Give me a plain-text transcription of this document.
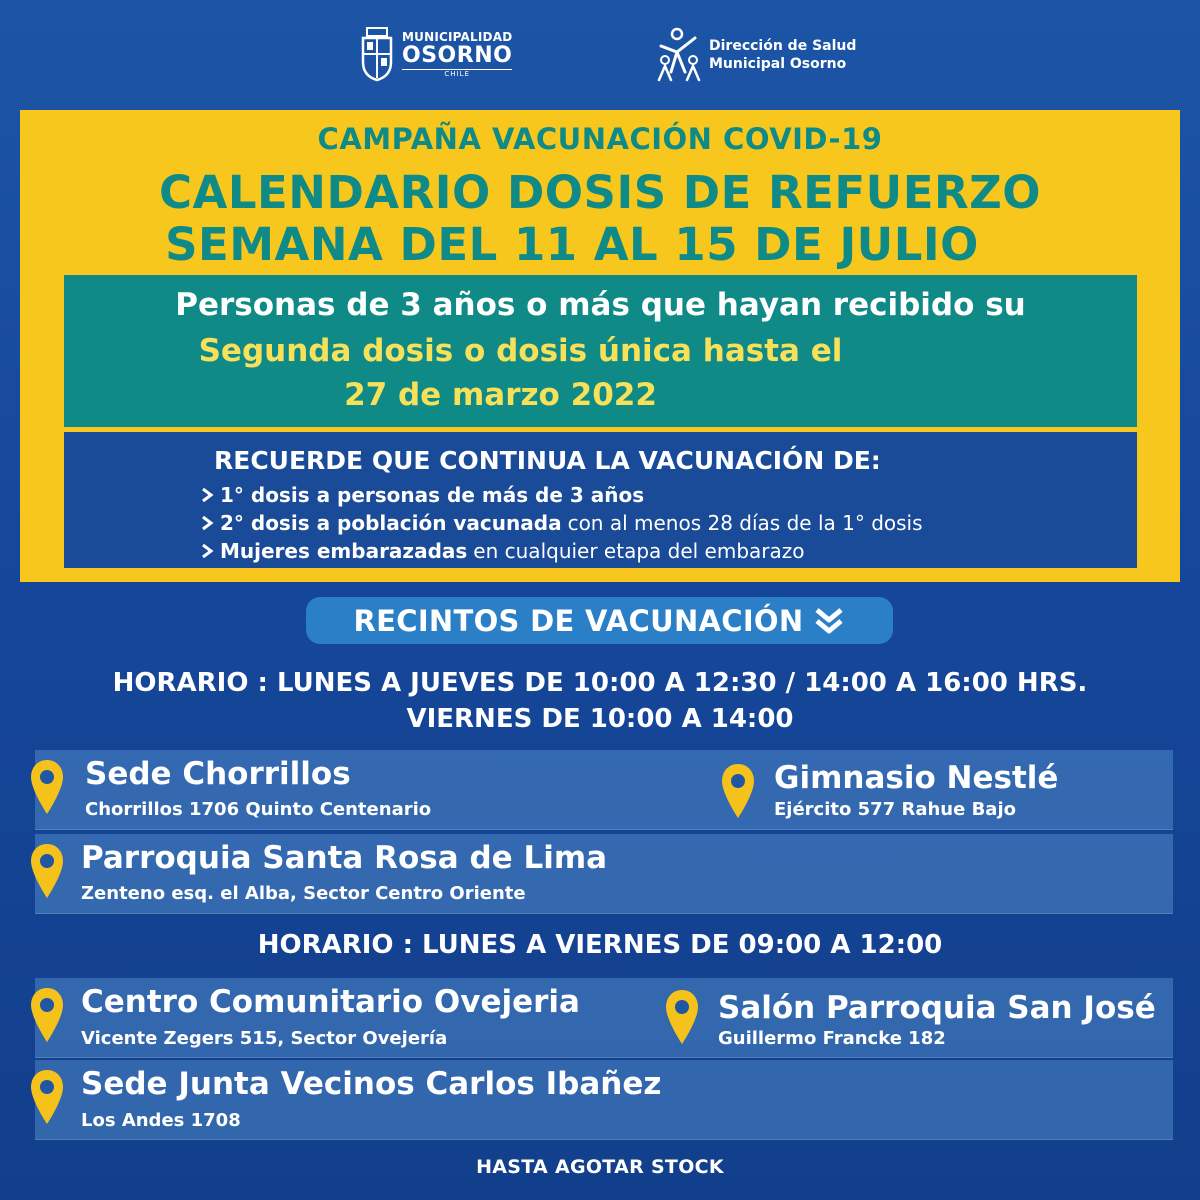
MUNICIPALIDAD
OSORNO
CHILE
Dirección de Salud
Municipal Osorno
CAMPAÑA VACUNACIÓN COVID-19
CALENDARIO DOSIS DE REFUERZO
SEMANA DEL 11 AL 15 DE JULIO
Personas de 3 años o más que hayan recibido su
Segunda dosis o dosis única hasta el
27 de marzo 2022
RECUERDE QUE CONTINUA LA VACUNACIÓN DE:
1° dosis a personas de más de 3 años
2° dosis a población vacunada con al menos 28 días de la 1° dosis
Mujeres embarazadas en cualquier etapa del embarazo
RECINTOS DE VACUNACIÓN
HORARIO : LUNES A JUEVES DE 10:00 A 12:30 / 14:00 A 16:00 HRS.
VIERNES DE 10:00 A 14:00
Sede Chorrillos
Chorrillos 1706 Quinto Centenario
Gimnasio Nestlé
Ejército 577 Rahue Bajo
Parroquia Santa Rosa de Lima
Zenteno esq. el Alba, Sector Centro Oriente
HORARIO : LUNES A VIERNES DE 09:00 A 12:00
Centro Comunitario Ovejeria
Vicente Zegers 515, Sector Ovejería
Salón Parroquia San José
Guillermo Francke 182
Sede Junta Vecinos Carlos Ibañez
Los Andes 1708
HASTA AGOTAR STOCK
